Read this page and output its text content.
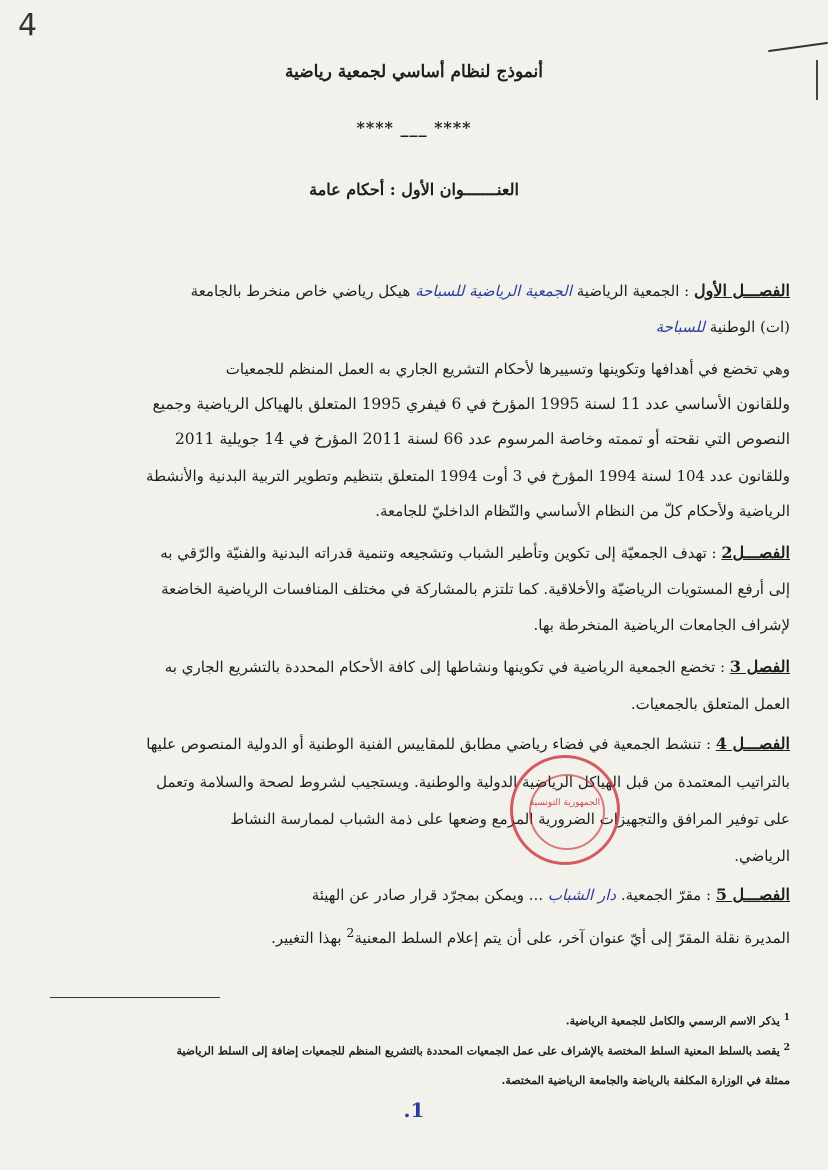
4
أنموذج لنظام أساسي لجمعية رياضية
**** ___ ****
العنـــــــوان الأول : أحكام عامة
الفصـــل الأول : الجمعية الرياضية الجمعية الرياضية للسباحة هيكل رياضي خاص منخرط بالجامعة
(ات) الوطنية للسباحة
وهي تخضع في أهدافها وتكوينها وتسييرها لأحكام التشريع الجاري به العمل المنظم للجمعيات
وللقانون الأساسي عدد 11 لسنة 1995 المؤرخ في 6 فيفري 1995 المتعلق بالهياكل الرياضية وجميع
النصوص التي نقحته أو تممته وخاصة المرسوم عدد 66 لسنة 2011 المؤرخ في 14 جويلية 2011
وللقانون عدد 104 لسنة 1994 المؤرخ في 3 أوت 1994 المتعلق بتنظيم وتطوير التربية البدنية والأنشطة
الرياضية ولأحكام كلّ من النظام الأساسي والنّظام الداخليّ للجامعة.
الفصـــل2 : تهدف الجمعيّة إلى تكوين وتأطير الشباب وتشجيعه وتنمية قدراته البدنية والفنيّة والرّقي به
إلى أرفع المستويات الرياضيّة والأخلاقية. كما تلتزم بالمشاركة في مختلف المنافسات الرياضية الخاضعة
لإشراف الجامعات الرياضية المنخرطة بها.
الفصل 3 : تخضع الجمعية الرياضية في تكوينها ونشاطها إلى كافة الأحكام المحددة بالتشريع الجاري به
العمل المتعلق بالجمعيات.
الفصـــل 4 : تنشط الجمعية في فضاء رياضي مطابق للمقاييس الفنية الوطنية أو الدولية المنصوص عليها
بالتراتيب المعتمدة من قبل الهياكل الرياضية الدولية والوطنية. ويستجيب لشروط لصحة والسلامة وتعمل
على توفير المرافق والتجهيزات الضرورية المزمع وضعها على ذمة الشباب لممارسة النشاط
الرياضي.
الجمهورية التونسية
الفصـــل 5 : مقرّ الجمعية. دار الشباب ... ويمكن بمجرّد قرار صادر عن الهيئة
المديرة نقلة المقرّ إلى أيّ عنوان آخر، على أن يتم إعلام السلط المعنية$^2$ بهذا التغيير.
$^1$ يذكر الاسم الرسمي والكامل للجمعية الرياضية.
$^2$ يقصد بالسلط المعنية السلط المختصة بالإشراف على عمل الجمعيات المحددة بالتشريع المنظم للجمعيات إضافة إلى السلط الرياضية
ممثلة في الوزارة المكلفة بالرياضة والجامعة الرياضية المختصة.
.1
